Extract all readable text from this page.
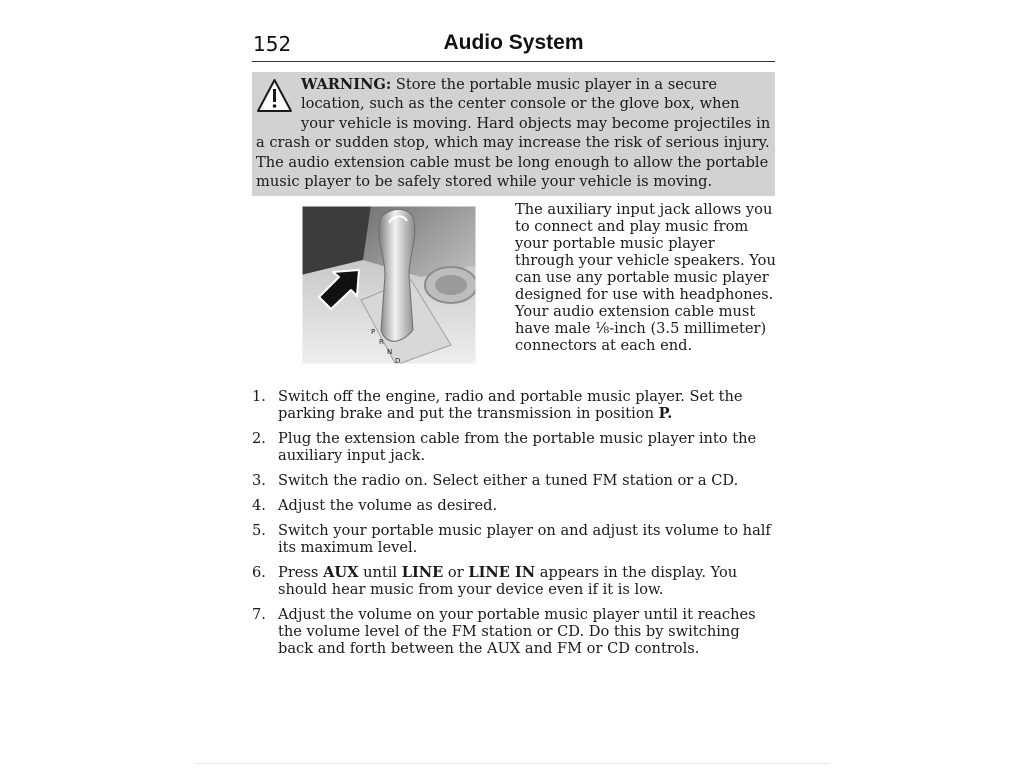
152	Audio System
WARNING: Store the portable music player in a secure location, such as the center console or the glove box, when your vehicle is moving. Hard objects may become projectiles in a crash or sudden stop, which may increase the risk of serious injury. The audio extension cable must be long enough to allow the portable music player to be safely stored while your vehicle is moving.
P
R
N
D
The auxiliary input jack allows you to connect and play music from your portable music player through your vehicle speakers. You can use any portable music player designed for use with headphones. Your audio extension cable must have male ⅛-inch (3.5 millimeter) connectors at each end.
1. Switch off the engine, radio and portable music player. Set the parking brake and put the transmission in position P.
2. Plug the extension cable from the portable music player into the auxiliary input jack.
3. Switch the radio on. Select either a tuned FM station or a CD.
4. Adjust the volume as desired.
5. Switch your portable music player on and adjust its volume to half its maximum level.
6. Press AUX until LINE or LINE IN appears in the display. You should hear music from your device even if it is low.
7. Adjust the volume on your portable music player until it reaches the volume level of the FM station or CD. Do this by switching back and forth between the AUX and FM or CD controls.
